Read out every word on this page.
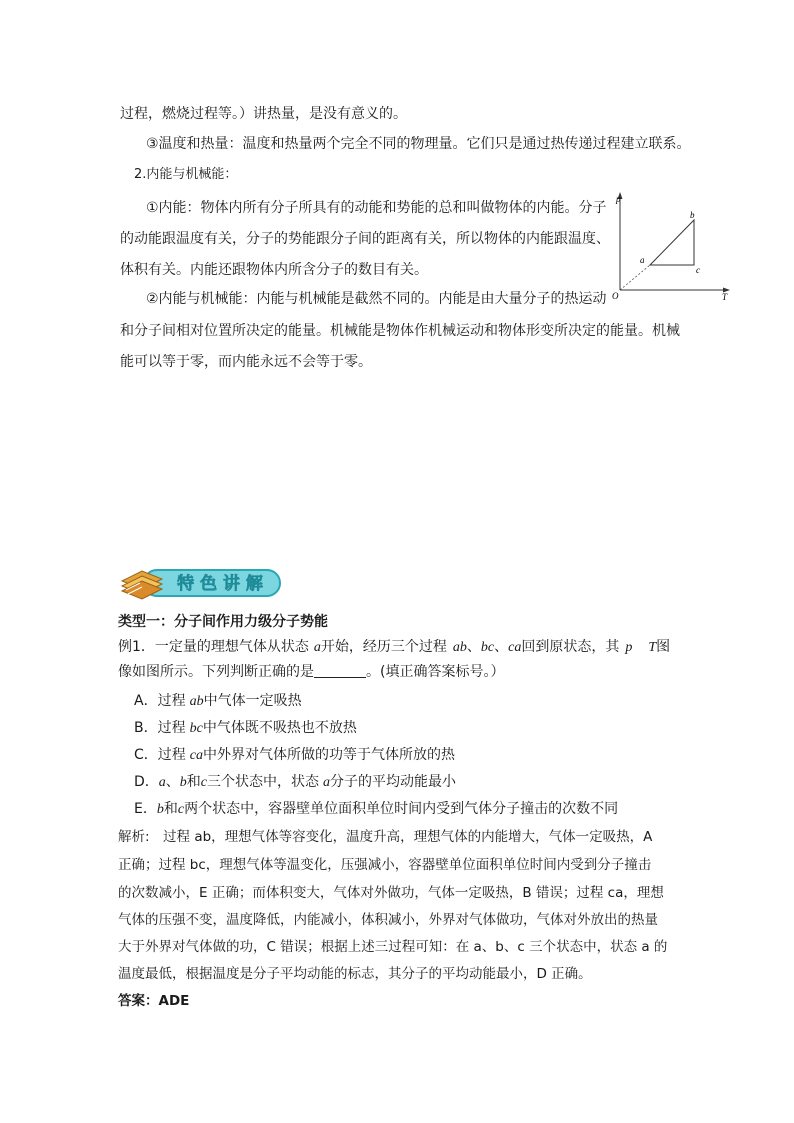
过程，燃烧过程等。）讲热量，是没有意义的。
③温度和热量：温度和热量两个完全不同的物理量。它们只是通过热传递过程建立联系。
2.内能与机械能：
①内能：物体内所有分子所具有的动能和势能的总和叫做物体的内能。分子
的动能跟温度有关，分子的势能跟分子间的距离有关，所以物体的内能跟温度、
体积有关。内能还跟物体内所含分子的数目有关。
②内能与机械能：内能与机械能是截然不同的。内能是由大量分子的热运动
和分子间相对位置所决定的能量。机械能是物体作机械运动和物体形变所决定的能量。机械
能可以等于零，而内能永远不会等于零。
p
T
O
a
b
c
特 色 讲 解
类型一：分子间作用力级分子势能
例1．一定量的理想气体从状态 a开始，经历三个过程 ab、bc、ca回到原状态，其 p T图
像如图所示。下列判断正确的是	。(填正确答案标号。）
A．过程 ab中气体一定吸热
B．过程 bc中气体既不吸热也不放热
C．过程 ca中外界对气体所做的功等于气体所放的热
D．a、b和c三个状态中，状态 a分子的平均动能最小
E．b和c两个状态中，容器壁单位面积单位时间内受到气体分子撞击的次数不同
解析:　过程 ab，理想气体等容变化，温度升高，理想气体的内能增大，气体一定吸热，A
正确；过程 bc，理想气体等温变化，压强减小，容器壁单位面积单位时间内受到分子撞击
的次数减小，E 正确；而体积变大，气体对外做功，气体一定吸热，B 错误；过程 ca，理想
气体的压强不变，温度降低，内能减小，体积减小，外界对气体做功，气体对外放出的热量
大于外界对气体做的功，C 错误；根据上述三过程可知：在 a、b、c 三个状态中，状态 a 的
温度最低，根据温度是分子平均动能的标志，其分子的平均动能最小，D 正确。
答案：ADE
